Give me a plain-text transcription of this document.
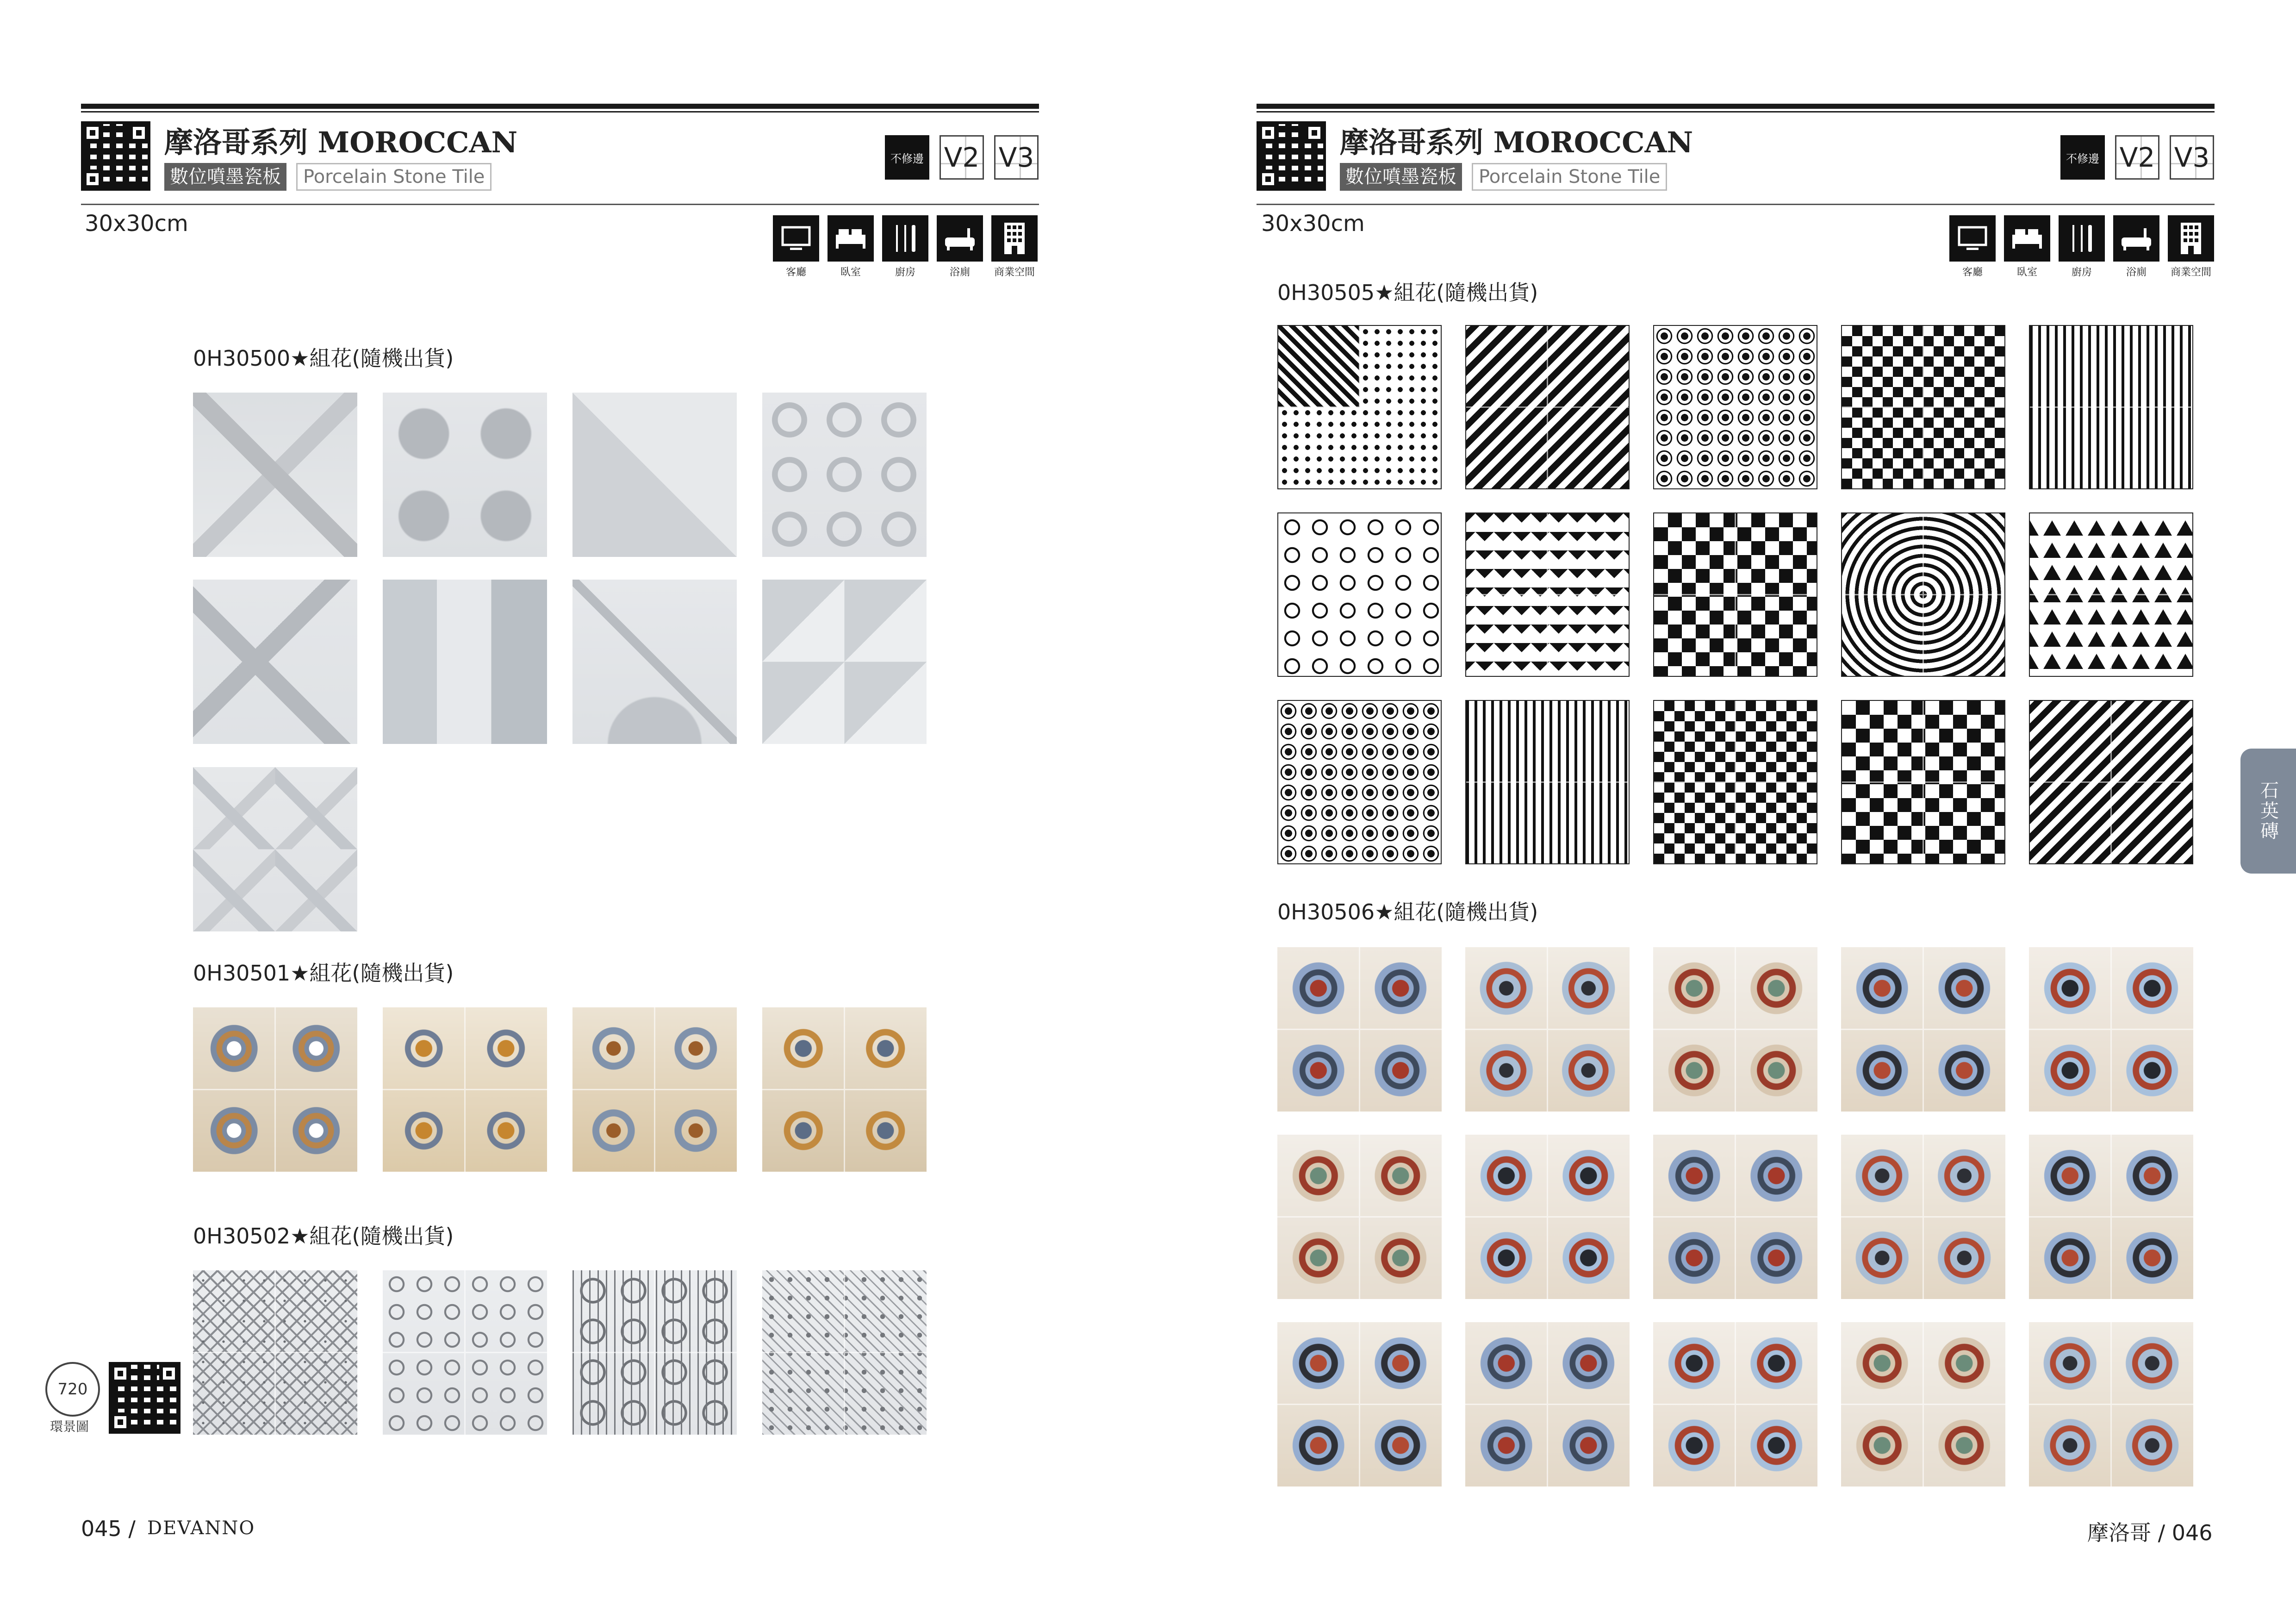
摩洛哥系列 MOROCCAN
數位噴墨瓷板	Porcelain Stone Tile
不修邊 V2 V3
30x30cm
客廳	臥室	廚房	浴廁 商業空間
0H30500★組花(隨機出貨)
0H30501★組花(隨機出貨)
0H30502★組花(隨機出貨)
720
環景圖
045 / DEVANNO
摩洛哥系列 MOROCCAN
數位噴墨瓷板	Porcelain Stone Tile
不修邊 V2 V3
30x30cm
客廳	臥室	廚房	浴廁 商業空間
0H30505★組花(隨機出貨)
0H30506★組花(隨機出貨)
石英磚
摩洛哥 / 046
